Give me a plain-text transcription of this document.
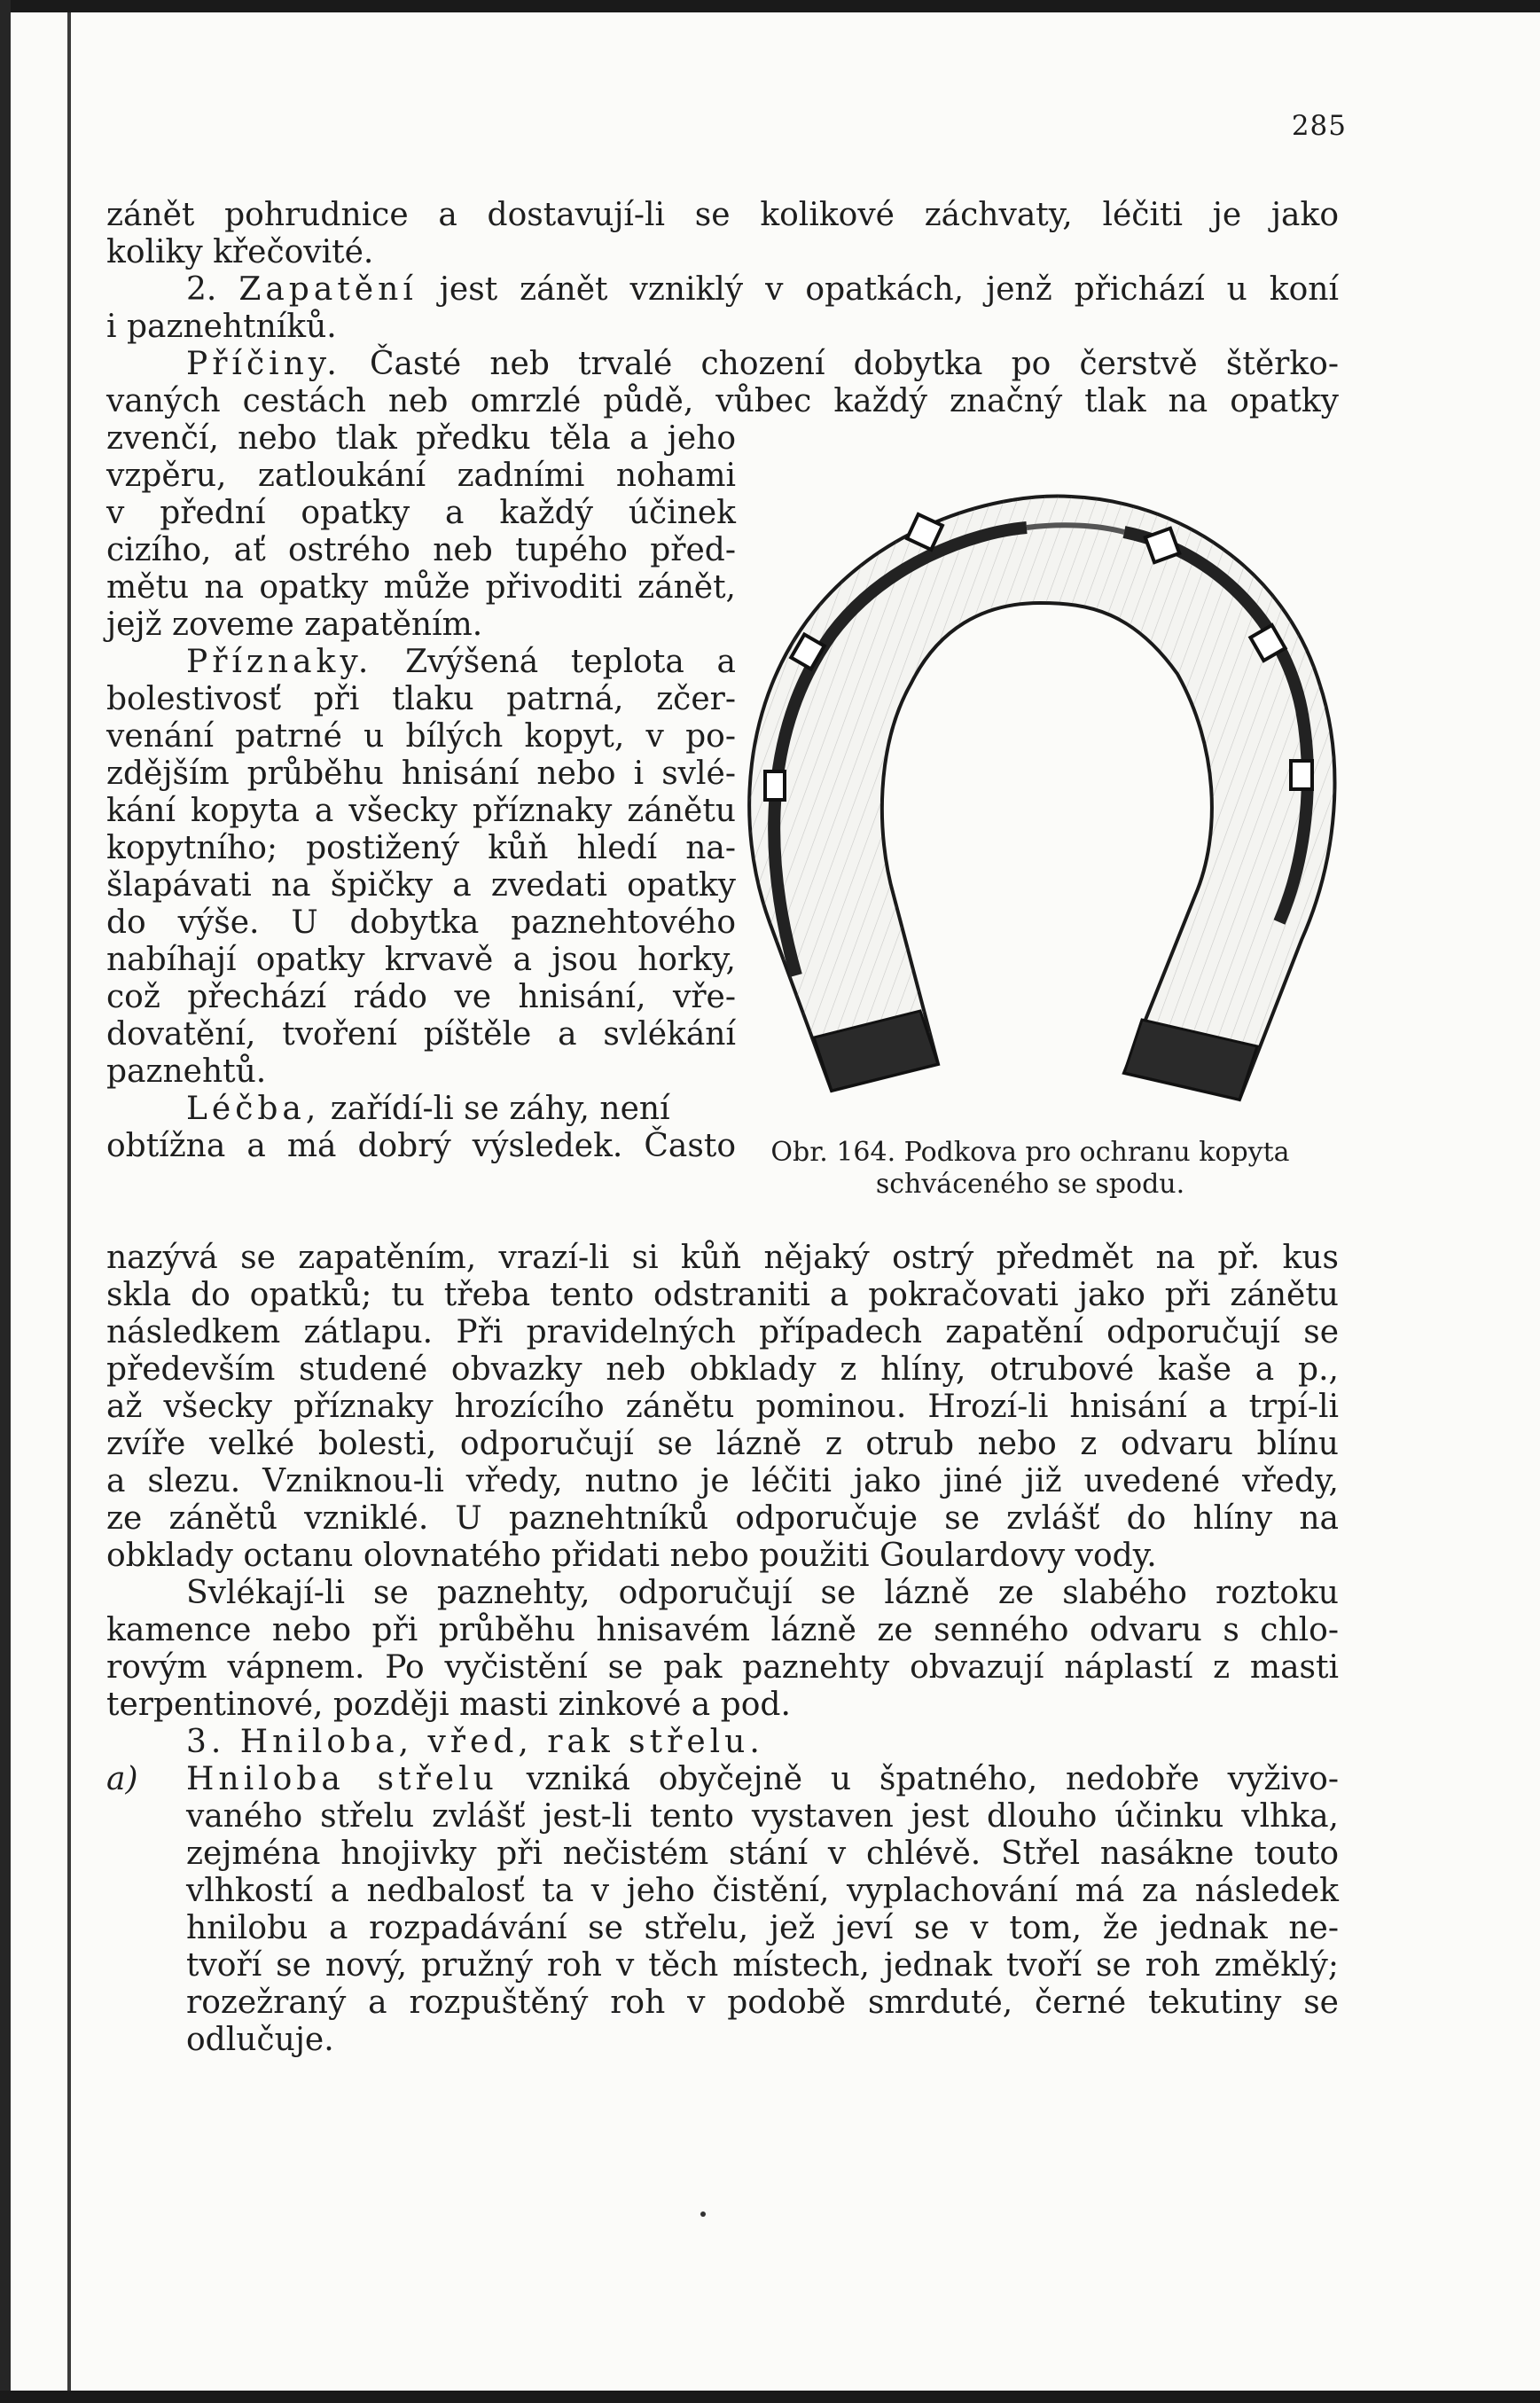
285
zánět pohrudnice a dostavují-li se kolikové záchvaty, léčiti je jako
koliky křečovité.
2. Zapatění jest zánět vzniklý v opatkách, jenž přichází u koní
i paznehtníků.
Příčiny. Časté neb trvalé chození dobytka po čerstvě štěrko-
vaných cestách neb omrzlé půdě, vůbec každý značný tlak na opatky
zvenčí, nebo tlak předku těla a jeho
vzpěru, zatloukání zadními nohami
v přední opatky a každý účinek
cizího, ať ostrého neb tupého před-
mětu na opatky může přivoditi zánět,
jejž zoveme zapatěním.
Příznaky. Zvýšená teplota a
bolestivosť při tlaku patrná, zčer-
venání patrné u bílých kopyt, v po-
zdějším průběhu hnisání nebo i svlé-
kání kopyta a všecky příznaky zánětu
kopytního; postižený kůň hledí na-
šlapávati na špičky a zvedati opatky
do výše. U dobytka paznehtového
nabíhají opatky krvavě a jsou horky,
což přechází rádo ve hnisání, vře-
dovatění, tvoření píštěle a svlékání
paznehtů.
Léčba, zařídí-li se záhy, není
obtížna a má dobrý výsledek. Často	Obr. 164. Podkova pro ochranu kopyta
schváceného se spodu.
nazývá se zapatěním, vrazí-li si kůň nějaký ostrý předmět na př. kus
skla do opatků; tu třeba tento odstraniti a pokračovati jako při zánětu
následkem zátlapu. Při pravidelných případech zapatění odporučují se
především studené obvazky neb obklady z hlíny, otrubové kaše a p.,
až všecky příznaky hrozícího zánětu pominou. Hrozí-li hnisání a trpí-li
zvíře velké bolesti, odporučují se lázně z otrub nebo z odvaru blínu
a slezu. Vzniknou-li vředy, nutno je léčiti jako jiné již uvedené vředy,
ze zánětů vzniklé. U paznehtníků odporučuje se zvlášť do hlíny na
obklady octanu olovnatého přidati nebo použiti Goulardovy vody.
Svlékají-li se paznehty, odporučují se lázně ze slabého roztoku
kamence nebo při průběhu hnisavém lázně ze senného odvaru s chlo-
rovým vápnem. Po vyčistění se pak paznehty obvazují náplastí z masti
terpentinové, později masti zinkové a pod.
3. Hniloba, vřed, rak střelu.
a) Hniloba střelu vzniká obyčejně u špatného, nedobře vyživo-
vaného střelu zvlášť jest-li tento vystaven jest dlouho účinku vlhka,
zejména hnojivky při nečistém stání v chlévě. Střel nasákne touto
vlhkostí a nedbalosť ta v jeho čistění, vyplachování má za následek
hnilobu a rozpadávání se střelu, jež jeví se v tom, že jednak ne-
tvoří se nový, pružný roh v těch místech, jednak tvoří se roh změklý;
rozežraný a rozpuštěný roh v podobě smrduté, černé tekutiny se
odlučuje.
